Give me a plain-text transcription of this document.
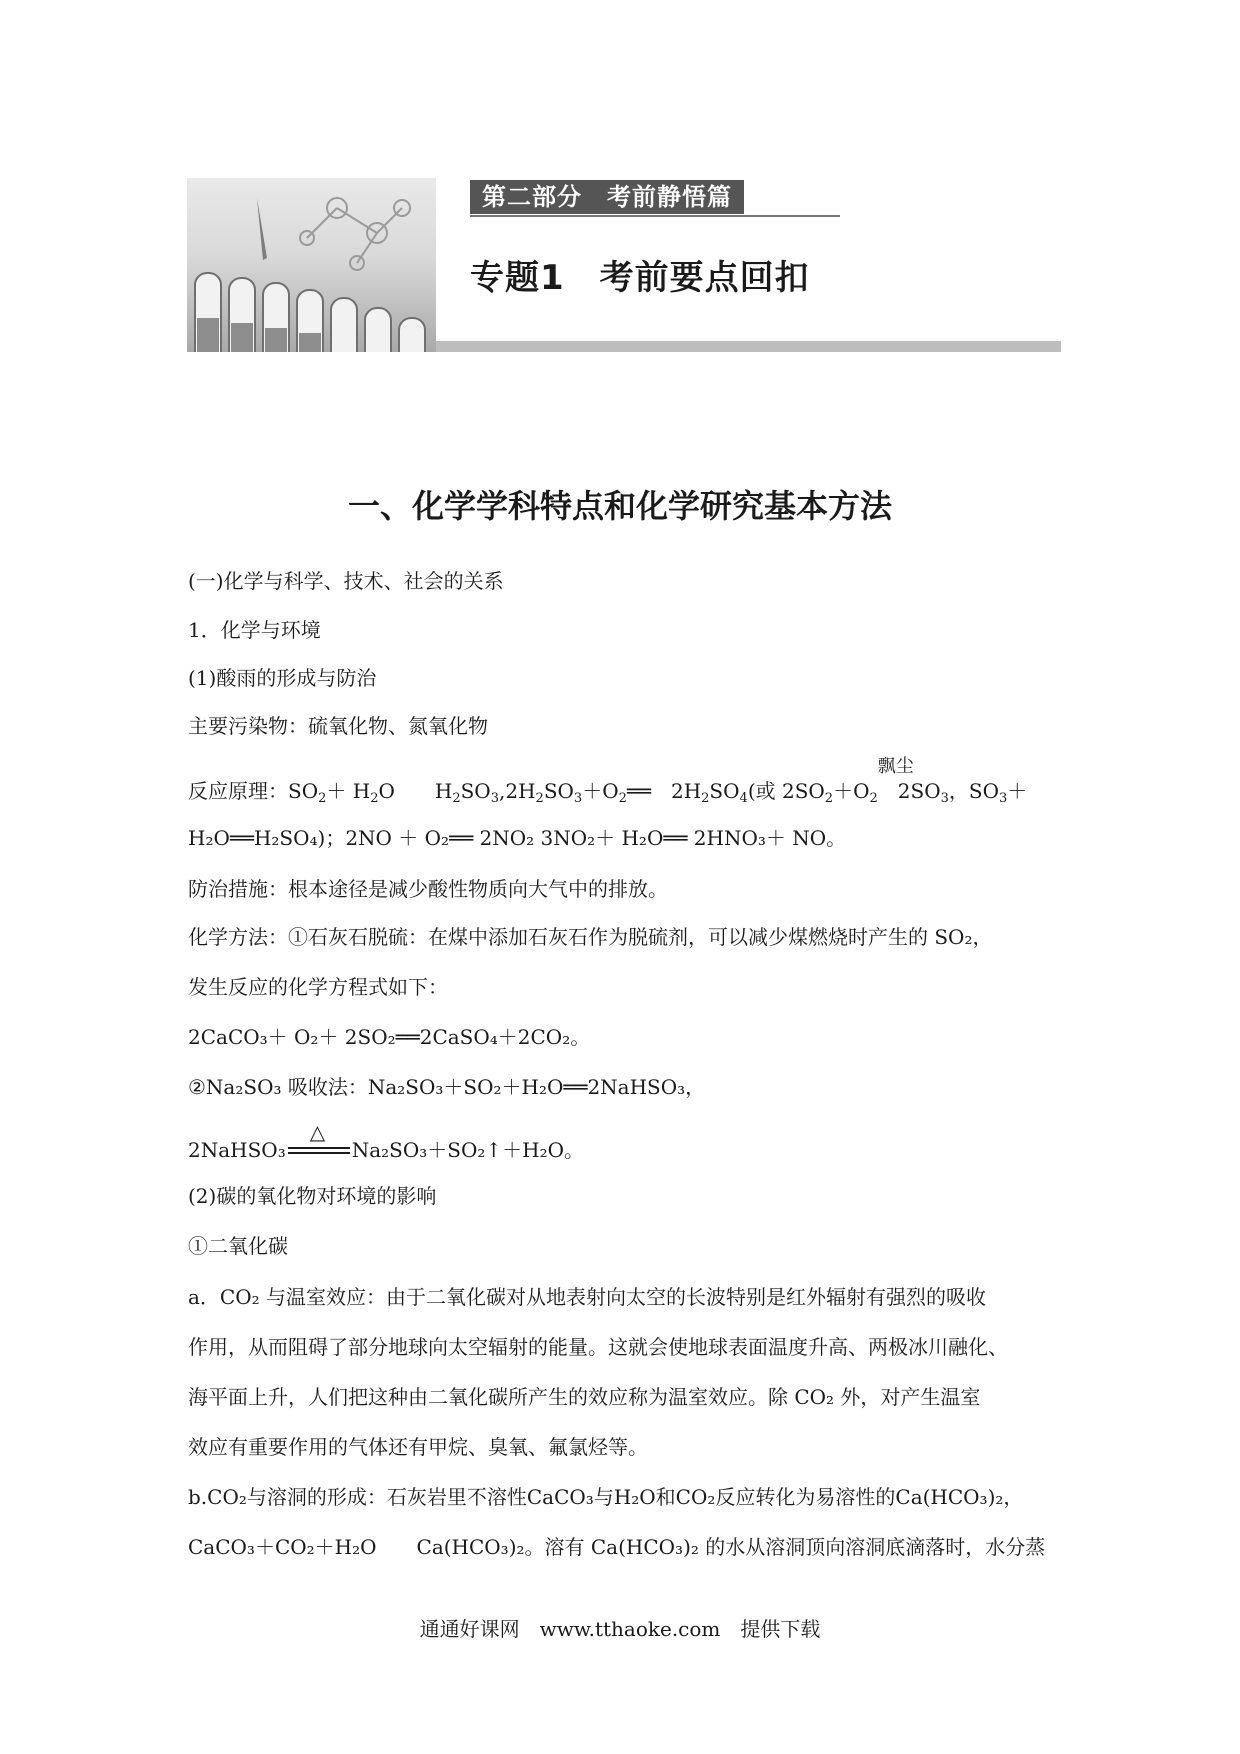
第二部分　考前静悟篇
专题1　考前要点回扣
一、化学学科特点和化学研究基本方法
(一)化学与科学、技术、社会的关系
1．化学与环境
(1)酸雨的形成与防治
主要污染物：硫氧化物、氮氧化物
反应原理：$SO_2+ H_2O$　　$H_2SO_3,2H_2SO_3+O_2══$　$2H_2SO_4$(或 $2SO_2+O_2$
飘尘
　$2SO_3$，$SO_3+$
H₂O══H₂SO₄)；2NO ＋ O₂══ 2NO₂ 3NO₂＋ H₂O══ 2HNO₃＋ NO。
防治措施：根本途径是减少酸性物质向大气中的排放。
化学方法：①石灰石脱硫：在煤中添加石灰石作为脱硫剂，可以减少煤燃烧时产生的 SO₂，
发生反应的化学方程式如下：
2CaCO₃＋ O₂＋ 2SO₂══2CaSO₄＋2CO₂。
②Na₂SO₃ 吸收法：Na₂SO₃＋SO₂＋H₂O══2NaHSO₃，
2NaHSO₃
△
Na₂SO₃＋SO₂↑＋H₂O。
(2)碳的氧化物对环境的影响
①二氧化碳
a．CO₂ 与温室效应：由于二氧化碳对从地表射向太空的长波特别是红外辐射有强烈的吸收
作用，从而阻碍了部分地球向太空辐射的能量。这就会使地球表面温度升高、两极冰川融化、
海平面上升，人们把这种由二氧化碳所产生的效应称为温室效应。除 CO₂ 外，对产生温室
效应有重要作用的气体还有甲烷、臭氧、氟氯烃等。
b.CO₂与溶洞的形成：石灰岩里不溶性CaCO₃与H₂O和CO₂反应转化为易溶性的Ca(HCO₃)₂，
CaCO₃＋CO₂＋H₂O　　Ca(HCO₃)₂。溶有 Ca(HCO₃)₂ 的水从溶洞顶向溶洞底滴落时，水分蒸
通通好课网　www.tthaoke.com　提供下载
